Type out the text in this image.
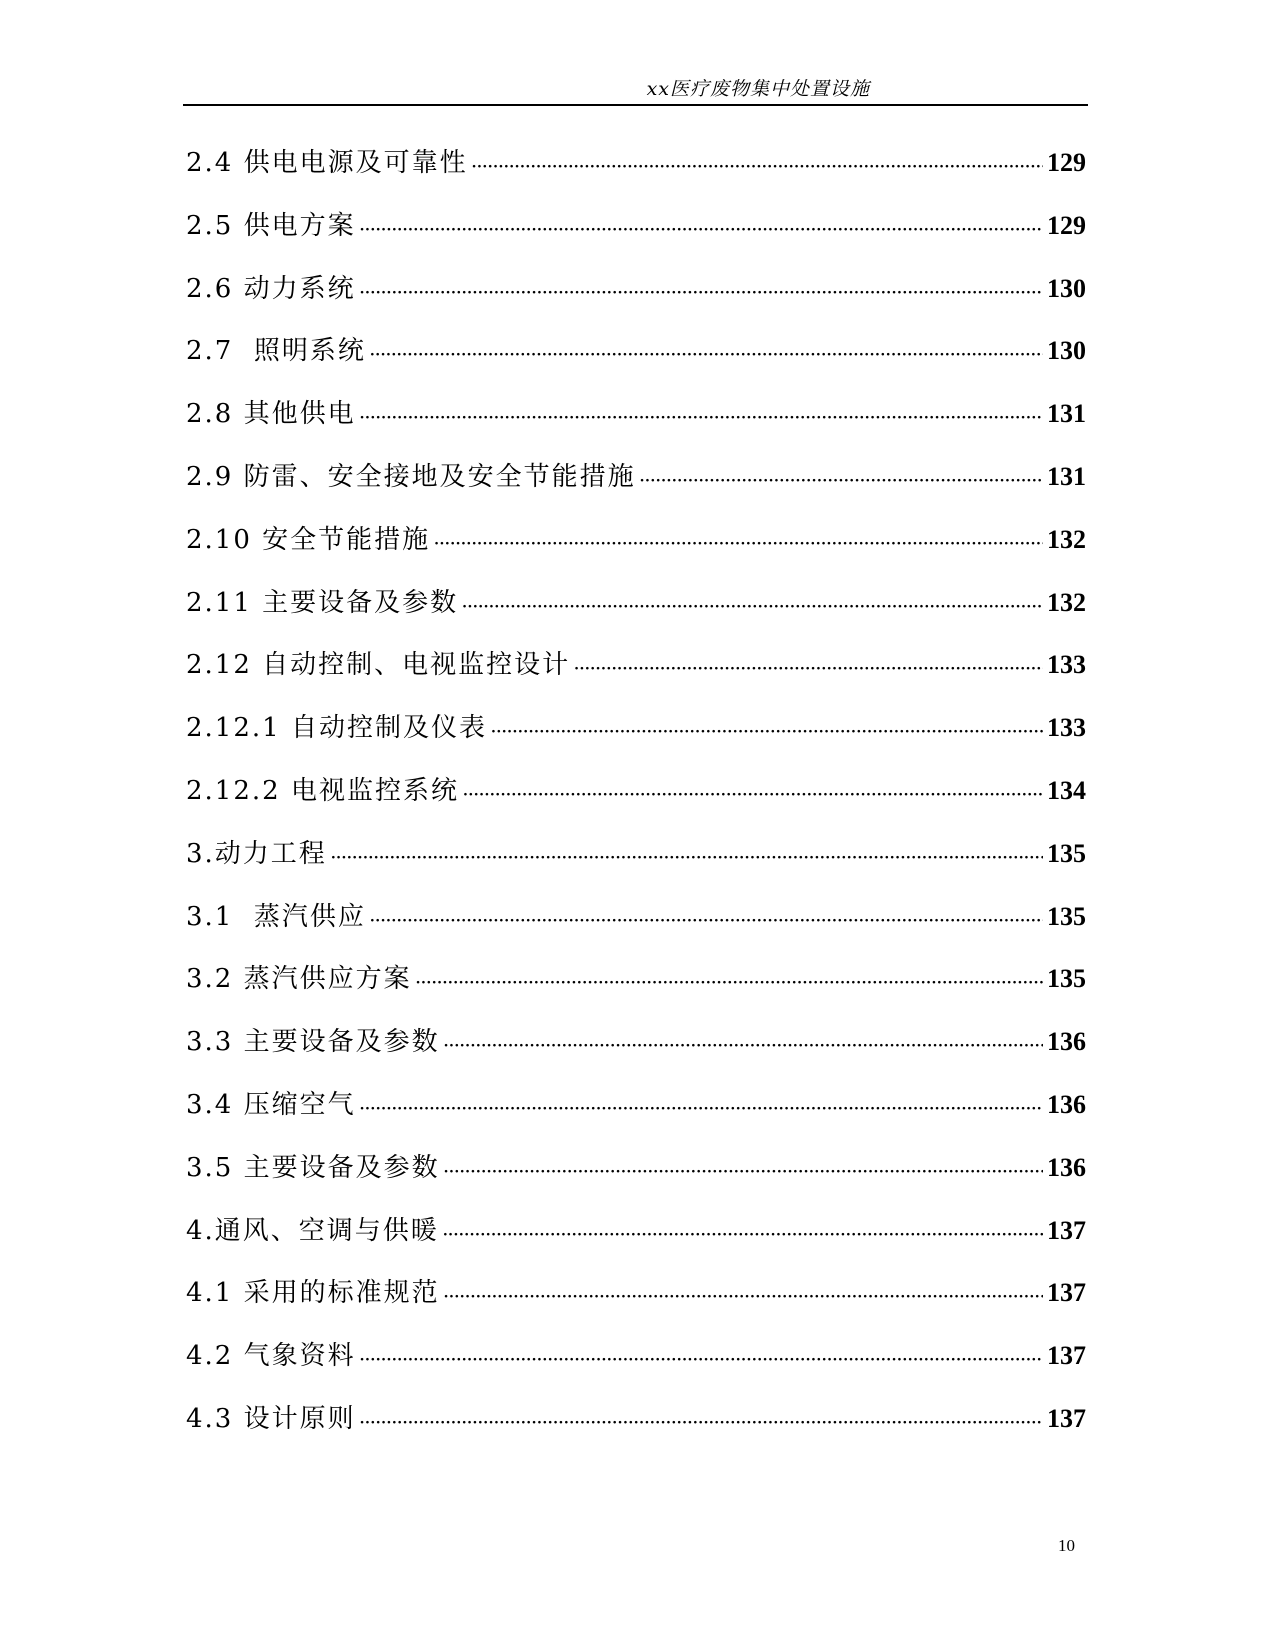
xx医疗废物集中处置设施
2.4 供电电源及可靠性 ·····	129
2.5 供电方案 ·····	129
2.6 动力系统 ·····	130
2.7  照明系统 ·····	130
2.8 其他供电 ·····	131
2.9 防雷、安全接地及安全节能措施 ·····	131
2.10 安全节能措施 ·····	132
2.11 主要设备及参数 ·····	132
2.12 自动控制、电视监控设计 ·····	133
2.12.1 自动控制及仪表 ·····	133
2.12.2 电视监控系统 ·····	134
3.动力工程 ·····	135
3.1  蒸汽供应 ·····	135
3.2 蒸汽供应方案 ·····	135
3.3 主要设备及参数 ·····	136
3.4 压缩空气 ·····	136
3.5 主要设备及参数 ·····	136
4.通风、空调与供暖 ·····	137
4.1 采用的标准规范 ·····	137
4.2 气象资料 ·····	137
4.3 设计原则 ·····	137
10
